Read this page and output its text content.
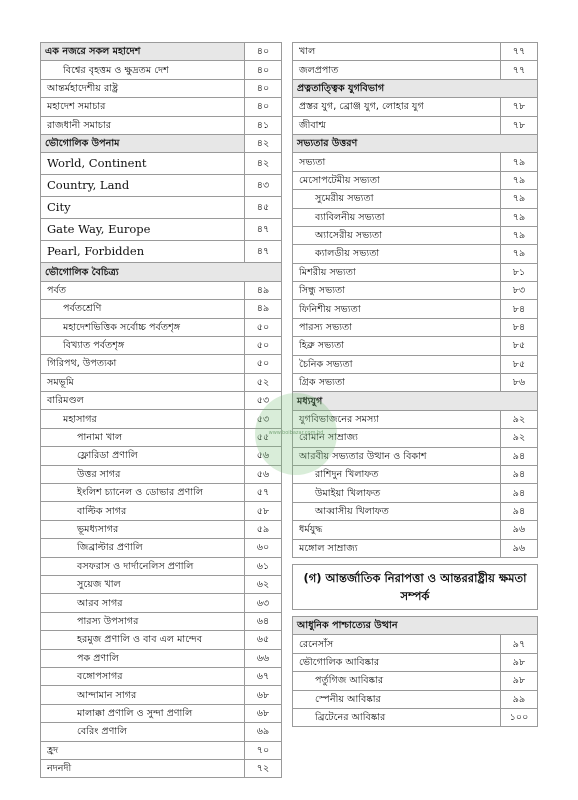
এক নজরে সকল মহাদেশ	৪০
বিশ্বের বৃহত্তম ও ক্ষুদ্রতম দেশ	৪০
আন্তর্মহাদেশীয় রাষ্ট্র	৪০
মহাদেশ সমাচার	৪০
রাজধানী সমাচার	৪১
ভৌগোলিক উপনাম	৪২
World, Continent	৪২
Country, Land	৪৩
City	৪৫
Gate Way, Europe	৪৭
Pearl, Forbidden	৪৭
ভৌগোলিক বৈচিত্র্য	
পর্বত	৪৯
পর্বতশ্রেণি	৪৯
মহাদেশভিত্তিক সর্বোচ্চ পর্বতশৃঙ্গ	৫০
বিখ্যাত পর্বতশৃঙ্গ	৫০
গিরিপথ, উপত্যকা	৫০
সমভূমি	৫২
বারিমণ্ডল	৫৩
মহাসাগর	৫৩
পানামা খাল	৫৫
ফ্লোরিডা প্রণালি	৫৬
উত্তর সাগর	৫৬
ইংলিশ চ্যানেল ও ডোভার প্রণালি	৫৭
বাল্টিক সাগর	৫৮
ভূমধ্যসাগর	৫৯
জিব্রাল্টার প্রণালি	৬০
বসফরাস ও দার্দানেলিস প্রণালি	৬১
সুয়েজ খাল	৬২
আরব সাগর	৬৩
পারস্য উপসাগর	৬৪
হরমুজ প্রণালি ও বাব এল মান্দেব	৬৫
পক প্রণালি	৬৬
বঙ্গোপসাগর	৬৭
আন্দামান সাগর	৬৮
মালাক্কা প্রণালি ও সুন্দা প্রণালি	৬৮
বেরিং প্রণালি	৬৯
হ্রদ	৭০
নদনদী	৭২
খাল	৭৭
জলপ্রপাত	৭৭
প্রত্নতাত্ত্বিক যুগবিভাগ	
প্রস্তর যুগ, ব্রোঞ্জ যুগ, লোহার যুগ	৭৮
জীবাশ্ম	৭৮
সভ্যতার উত্তরণ	
সভ্যতা	৭৯
মেসোপটেমীয় সভ্যতা	৭৯
সুমেরীয় সভ্যতা	৭৯
ব্যাবিলনীয় সভ্যতা	৭৯
অ্যাসেরীয় সভ্যতা	৭৯
ক্যালডীয় সভ্যতা	৭৯
মিশরীয় সভ্যতা	৮১
সিন্ধু সভ্যতা	৮৩
ফিনিশীয় সভ্যতা	৮৪
পারস্য সভ্যতা	৮৪
হিব্রু সভ্যতা	৮৫
চৈনিক সভ্যতা	৮৫
গ্রিক সভ্যতা	৮৬
মধ্যযুগ	
যুগবিভাজনের সমস্যা	৯২
রোমান সাম্রাজ্য	৯২
আরবীয় সভ্যতার উত্থান ও বিকাশ	৯৪
রাশিদুন খিলাফত	৯৪
উমাইয়া খিলাফত	৯৪
আব্বাসীয় খিলাফত	৯৪
ধর্মযুদ্ধ	৯৬
মঙ্গোল সাম্রাজ্য	৯৬

(গ) আন্তর্জাতিক নিরাপত্তা ও আন্তররাষ্ট্রীয় ক্ষমতা সম্পর্ক	

আধুনিক পাশ্চাত্যের উত্থান	
রেনেসাঁস	৯৭
ভৌগোলিক আবিষ্কার	৯৮
পর্তুগিজ আবিষ্কার	৯৮
স্পেনীয় আবিষ্কার	৯৯
ব্রিটেনের আবিষ্কার	১০০
www.boibazar.com.bd
